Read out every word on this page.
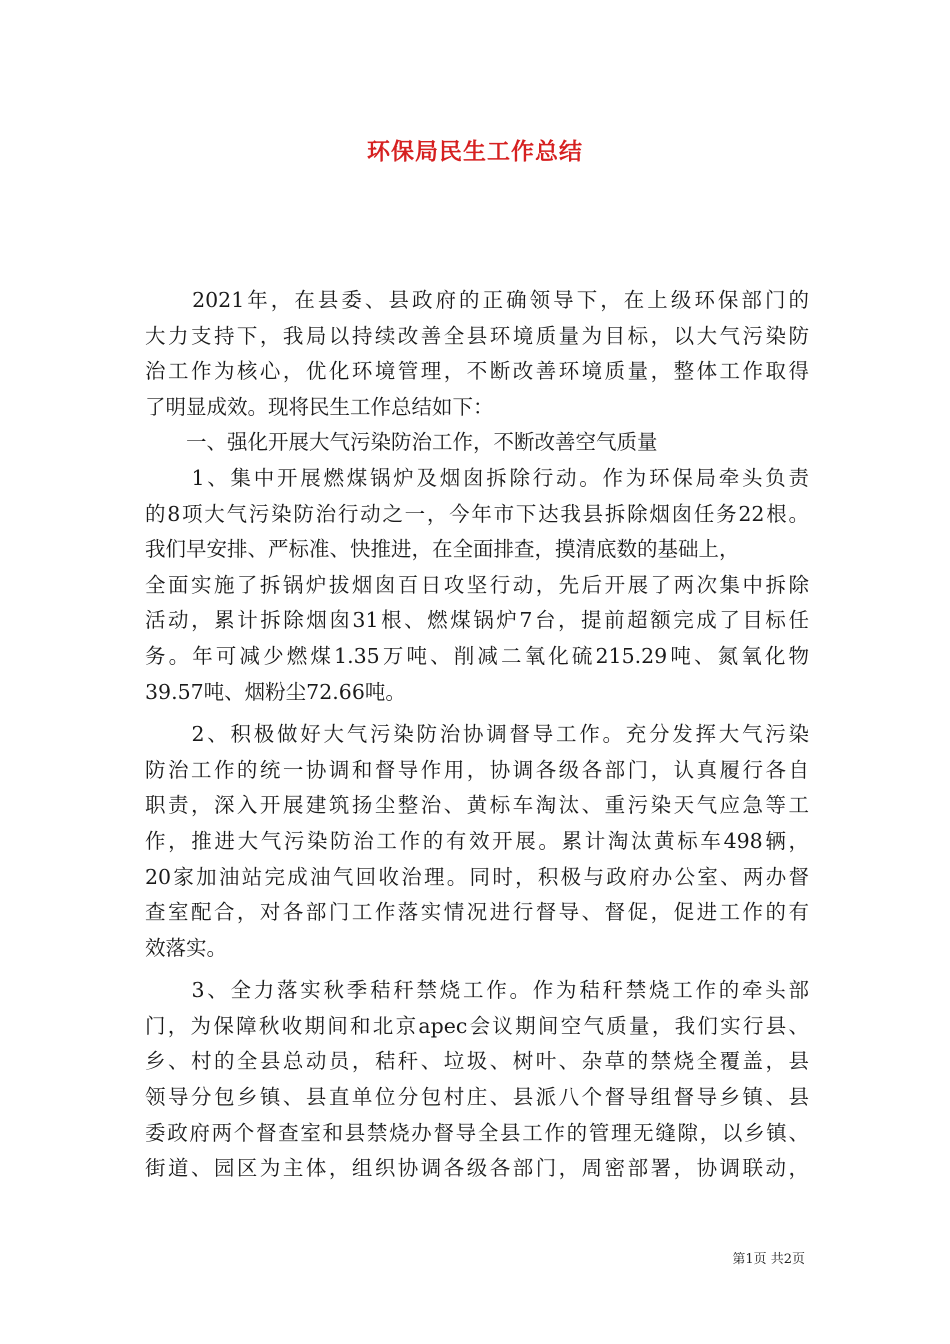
环保局民生工作总结
　　2021年，在县委、县政府的正确领导下，在上级环保部门的
大力支持下，我局以持续改善全县环境质量为目标，以大气污染防
治工作为核心，优化环境管理，不断改善环境质量，整体工作取得
了明显成效。现将民生工作总结如下：
　　一、强化开展大气污染防治工作，不断改善空气质量
　　1、集中开展燃煤锅炉及烟囱拆除行动。作为环保局牵头负责
的8项大气污染防治行动之一，今年市下达我县拆除烟囱任务22根。
我们早安排、严标准、快推进，在全面排查，摸清底数的基础上，
全面实施了拆锅炉拔烟囱百日攻坚行动，先后开展了两次集中拆除
活动，累计拆除烟囱31根、燃煤锅炉7台，提前超额完成了目标任
务。年可减少燃煤1.35万吨、削减二氧化硫215.29吨、氮氧化物
39.57吨、烟粉尘72.66吨。
　　2、积极做好大气污染防治协调督导工作。充分发挥大气污染
防治工作的统一协调和督导作用，协调各级各部门，认真履行各自
职责，深入开展建筑扬尘整治、黄标车淘汰、重污染天气应急等工
作，推进大气污染防治工作的有效开展。累计淘汰黄标车498辆，
20家加油站完成油气回收治理。同时，积极与政府办公室、两办督
查室配合，对各部门工作落实情况进行督导、督促，促进工作的有
效落实。
　　3、全力落实秋季秸秆禁烧工作。作为秸秆禁烧工作的牵头部
门，为保障秋收期间和北京apec会议期间空气质量，我们实行县、
乡、村的全县总动员，秸秆、垃圾、树叶、杂草的禁烧全覆盖，县
领导分包乡镇、县直单位分包村庄、县派八个督导组督导乡镇、县
委政府两个督查室和县禁烧办督导全县工作的管理无缝隙，以乡镇、
街道、园区为主体，组织协调各级各部门，周密部署，协调联动，
第1页 共2页
